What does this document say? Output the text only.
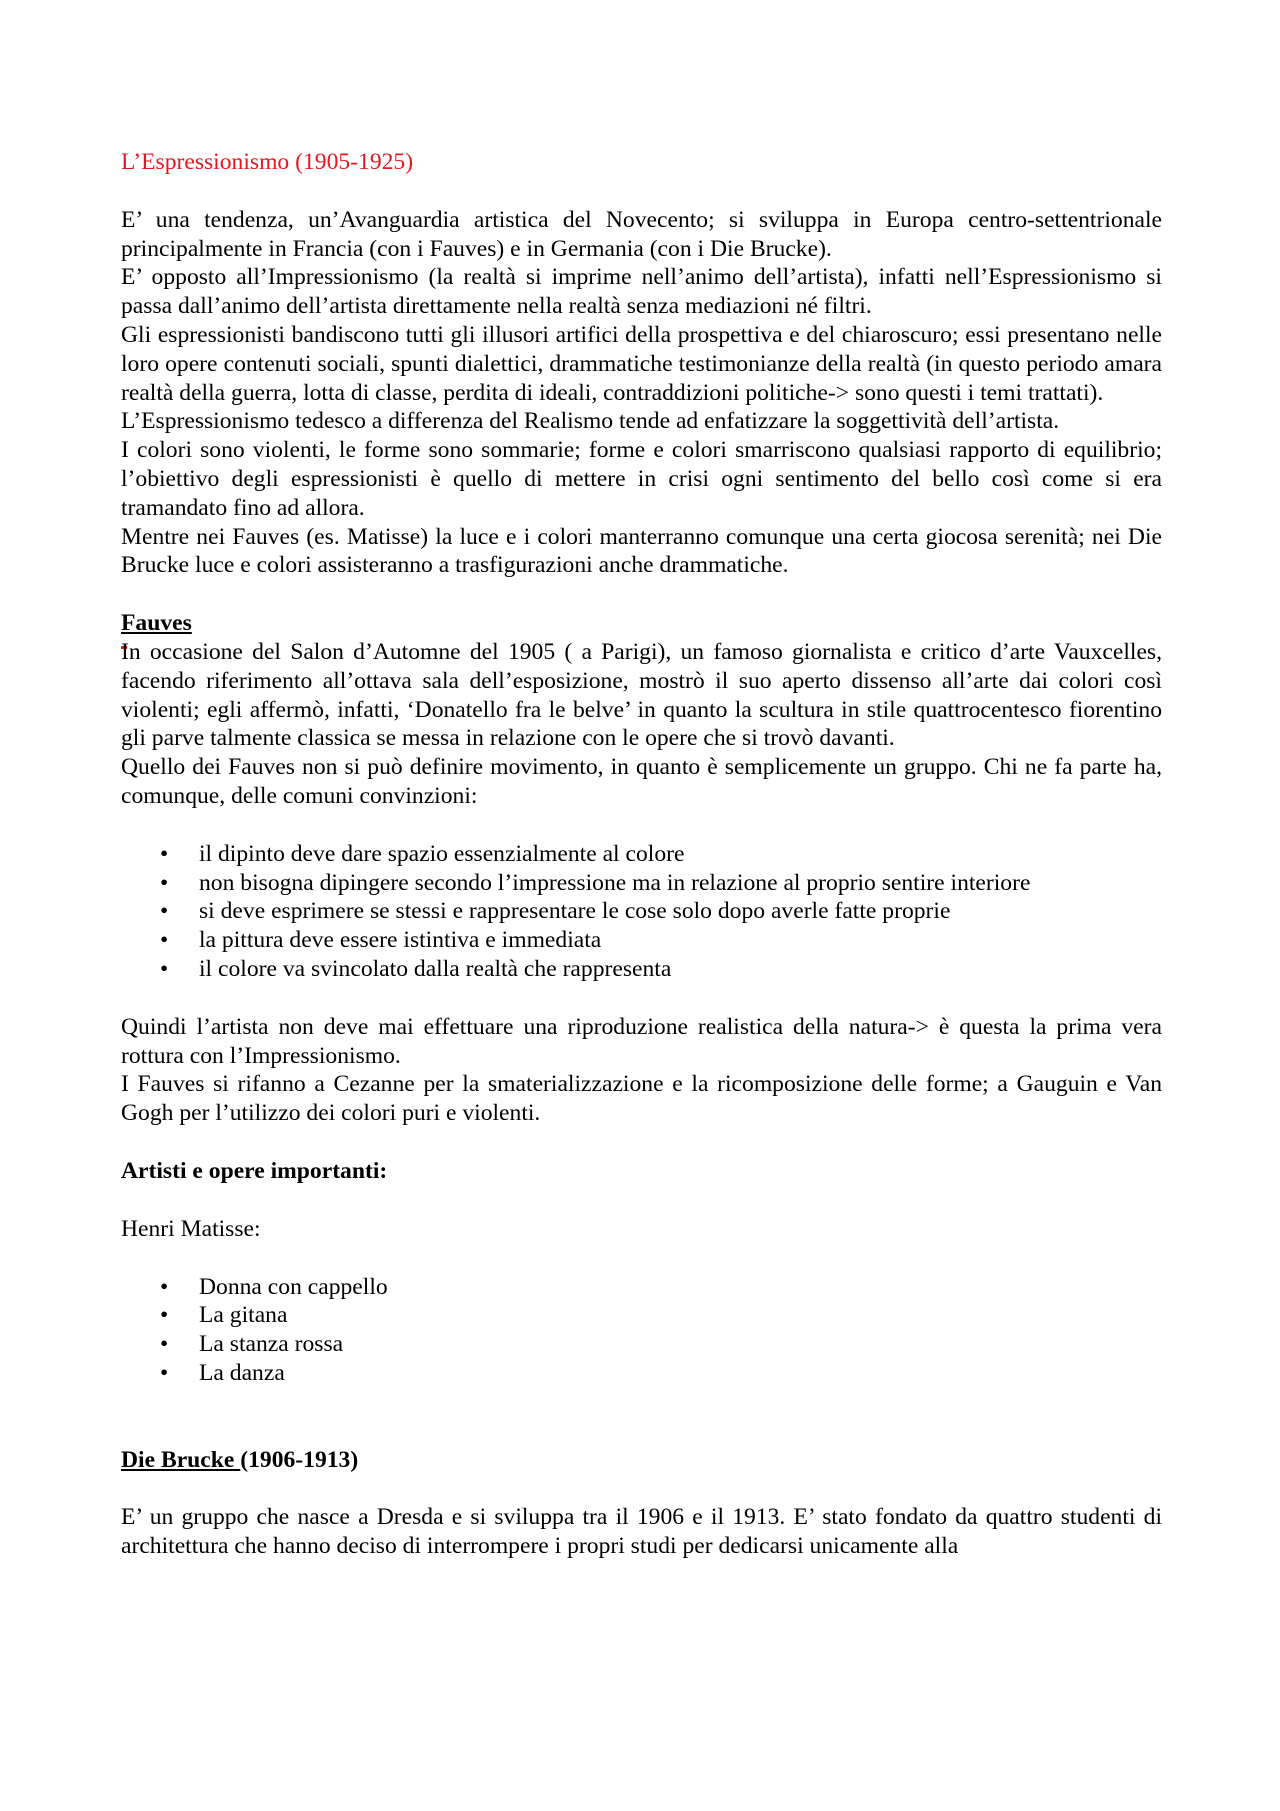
L’Espressionismo (1905-1925)

E’ una tendenza, un’Avanguardia artistica del Novecento; si sviluppa in Europa centro-settentrionale principalmente in Francia (con i Fauves) e in Germania (con i Die Brucke).

E’ opposto all’Impressionismo (la realtà si imprime nell’animo dell’artista), infatti nell’Espressionismo si passa dall’animo dell’artista direttamente nella realtà senza mediazioni né filtri.

Gli espressionisti bandiscono tutti gli illusori artifici della prospettiva e del chiaroscuro; essi presentano nelle loro opere contenuti sociali, spunti dialettici, drammatiche testimonianze della realtà (in questo periodo amara realtà della guerra, lotta di classe, perdita di ideali, contraddizioni politiche-> sono questi i temi trattati).

L’Espressionismo tedesco a differenza del Realismo tende ad enfatizzare la soggettività dell’artista.

I colori sono violenti, le forme sono sommarie; forme e colori smarriscono qualsiasi rapporto di equilibrio; l’obiettivo degli espressionisti è quello di mettere in crisi ogni sentimento del bello così come si era tramandato fino ad allora.

Mentre nei Fauves (es. Matisse) la luce e i colori manterranno comunque una certa giocosa serenità; nei Die Brucke luce e colori assisteranno a trasfigurazioni anche drammatiche.

Fauves

In occasione del Salon d’Automne del 1905 ( a Parigi), un famoso giornalista e critico d’arte Vauxcelles, facendo riferimento all’ottava sala dell’esposizione, mostrò il suo aperto dissenso all’arte dai colori così violenti; egli affermò, infatti, ‘Donatello fra le belve’ in quanto la scultura in stile quattrocentesco fiorentino gli parve talmente classica se messa in relazione con le opere che si trovò davanti.

Quello dei Fauves non si può definire movimento, in quanto è semplicemente un gruppo. Chi ne fa parte ha, comunque, delle comuni convinzioni:

• il dipinto deve dare spazio essenzialmente al colore
• non bisogna dipingere secondo l’impressione ma in relazione al proprio sentire interiore
• si deve esprimere se stessi e rappresentare le cose solo dopo averle fatte proprie
• la pittura deve essere istintiva e immediata
• il colore va svincolato dalla realtà che rappresenta

Quindi l’artista non deve mai effettuare una riproduzione realistica della natura-> è questa la prima vera rottura con l’Impressionismo.

I Fauves si rifanno a Cezanne per la smaterializzazione e la ricomposizione delle forme; a Gauguin e Van Gogh per l’utilizzo dei colori puri e violenti.

Artisti e opere importanti:

Henri Matisse:

• Donna con cappello
• La gitana
• La stanza rossa
• La danza
Die Brucke (1906-1913)

E’ un gruppo che nasce a Dresda e si sviluppa tra il 1906 e il 1913. E’ stato fondato da quattro studenti di architettura che hanno deciso di interrompere i propri studi per dedicarsi unicamente alla
